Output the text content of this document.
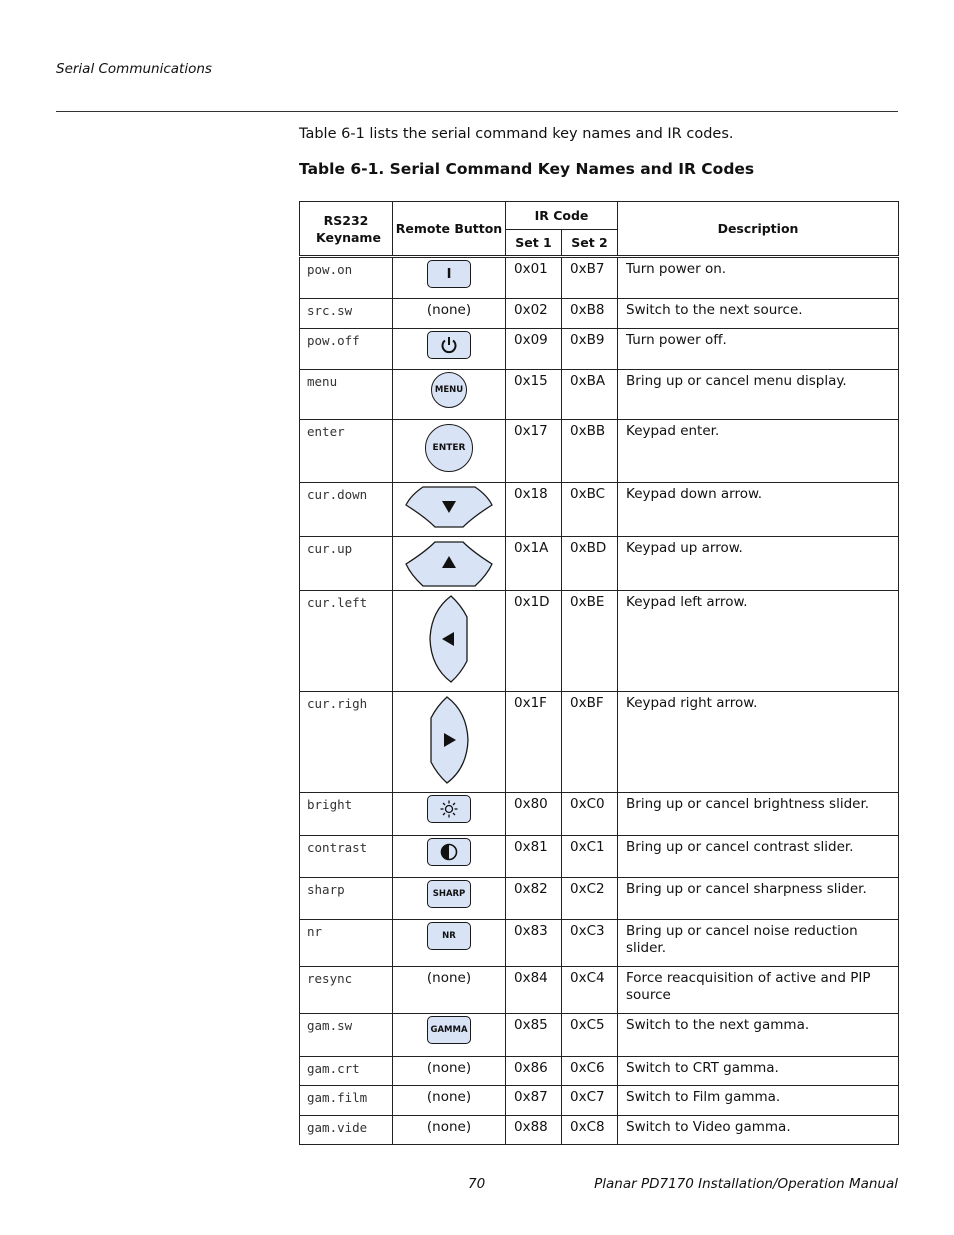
Serial Communications
Table 6-1 lists the serial command key names and IR codes.
Table 6-1. Serial Command Key Names and IR Codes
RS232 Keyname	Remote Button	IR Code		Description
		Set 1	Set 2	
pow.on	I	0x01	0xB7	Turn power on.
src.sw	(none)	0x02	0xB8	Switch to the next source.
pow.off		0x09	0xB9	Turn power off.
menu	MENU	0x15	0xBA	Bring up or cancel menu display.
enter	ENTER	0x17	0xBB	Keypad enter.
cur.down		0x18	0xBC	Keypad down arrow.
cur.up		0x1A	0xBD	Keypad up arrow.
cur.left		0x1D	0xBE	Keypad left arrow.
cur.righ		0x1F	0xBF	Keypad right arrow.
bright		0x80	0xC0	Bring up or cancel brightness slider.
contrast		0x81	0xC1	Bring up or cancel contrast slider.
sharp	SHARP	0x82	0xC2	Bring up or cancel sharpness slider.
nr	NR	0x83	0xC3	Bring up or cancel noise reduction slider.
resync	(none)	0x84	0xC4	Force reacquisition of active and PIP source
gam.sw	GAMMA	0x85	0xC5	Switch to the next gamma.
gam.crt	(none)	0x86	0xC6	Switch to CRT gamma.
gam.film	(none)	0x87	0xC7	Switch to Film gamma.
gam.vide	(none)	0x88	0xC8	Switch to Video gamma.
70	Planar PD7170 Installation/Operation Manual
